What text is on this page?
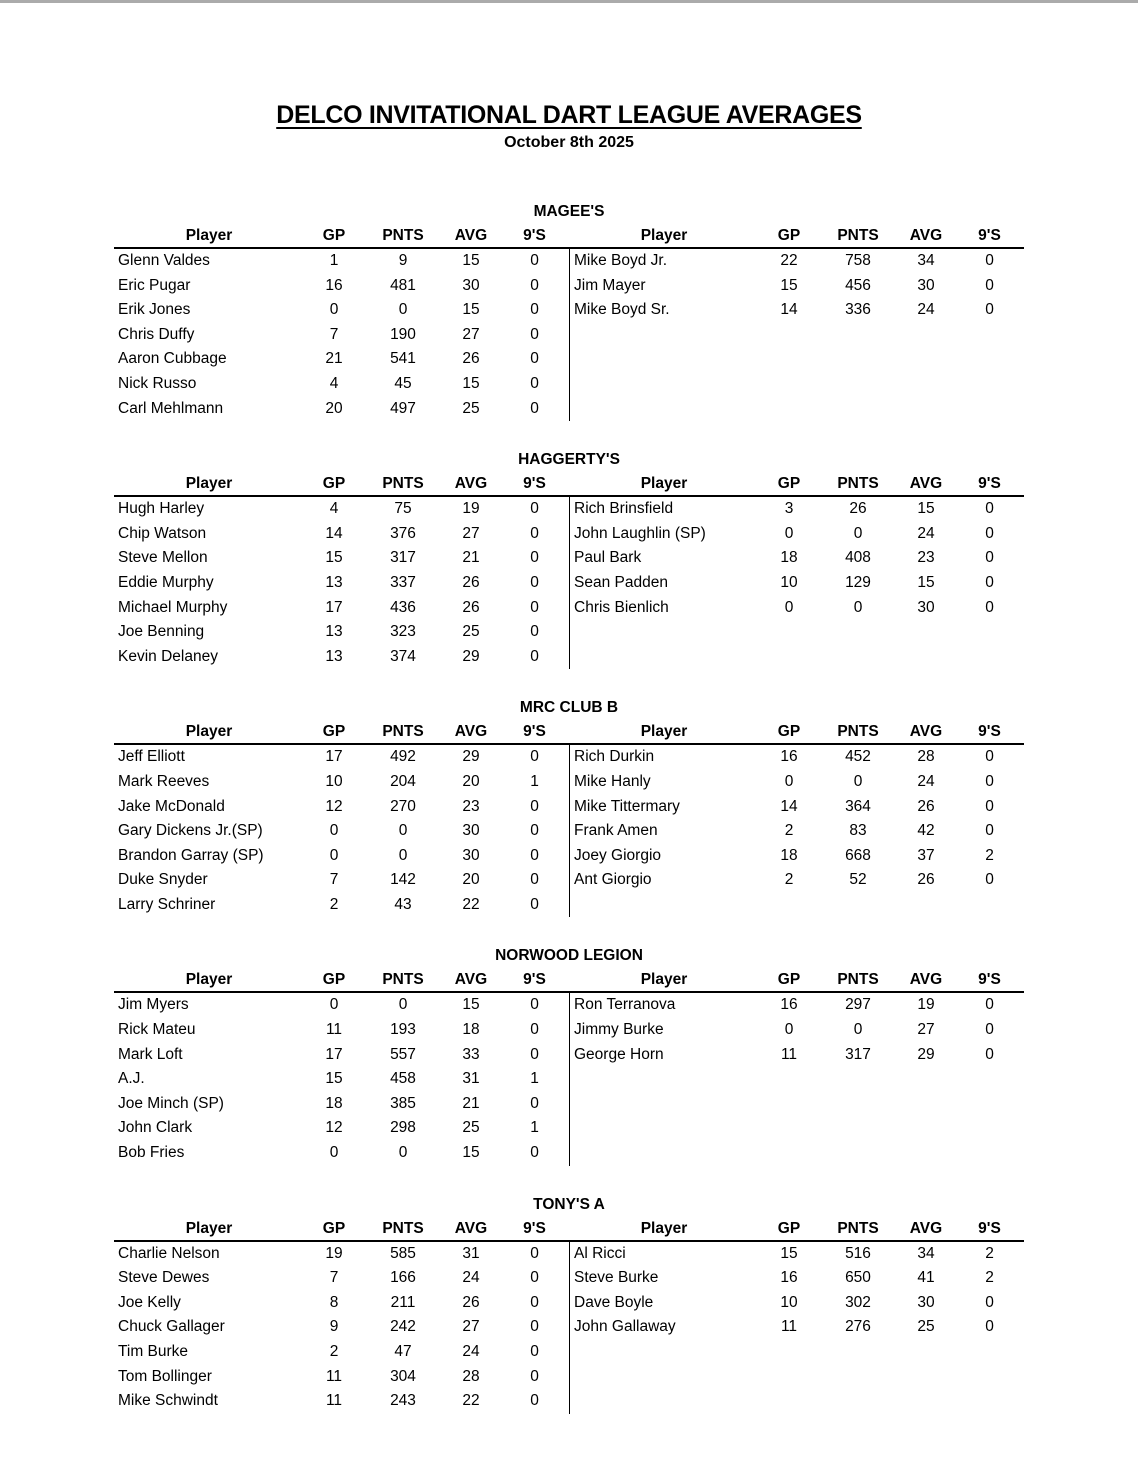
DELCO INVITATIONAL DART LEAGUE AVERAGES
October 8th 2025
MAGEE'S
Player	GP	PNTS	AVG	9'S	Player	GP	PNTS	AVG	9'S
Glenn Valdes	1	9	15	0	Mike Boyd Jr.	22	758	34	0
Eric Pugar	16	481	30	0	Jim Mayer	15	456	30	0
Erik Jones	0	0	15	0	Mike Boyd Sr.	14	336	24	0
Chris Duffy	7	190	27	0
Aaron Cubbage	21	541	26	0
Nick Russo	4	45	15	0
Carl Mehlmann	20	497	25	0
HAGGERTY'S
Player	GP	PNTS	AVG	9'S	Player	GP	PNTS	AVG	9'S
Hugh Harley	4	75	19	0	Rich Brinsfield	3	26	15	0
Chip Watson	14	376	27	0	John Laughlin (SP)	0	0	24	0
Steve Mellon	15	317	21	0	Paul Bark	18	408	23	0
Eddie Murphy	13	337	26	0	Sean Padden	10	129	15	0
Michael Murphy	17	436	26	0	Chris Bienlich	0	0	30	0
Joe Benning	13	323	25	0
Kevin Delaney	13	374	29	0
MRC CLUB B
Player	GP	PNTS	AVG	9'S	Player	GP	PNTS	AVG	9'S
Jeff Elliott	17	492	29	0	Rich Durkin	16	452	28	0
Mark Reeves	10	204	20	1	Mike Hanly	0	0	24	0
Jake McDonald	12	270	23	0	Mike Tittermary	14	364	26	0
Gary Dickens Jr.(SP)	0	0	30	0	Frank Amen	2	83	42	0
Brandon Garray (SP)	0	0	30	0	Joey Giorgio	18	668	37	2
Duke Snyder	7	142	20	0	Ant Giorgio	2	52	26	0
Larry Schriner	2	43	22	0
NORWOOD LEGION
Player	GP	PNTS	AVG	9'S	Player	GP	PNTS	AVG	9'S
Jim Myers	0	0	15	0	Ron Terranova	16	297	19	0
Rick Mateu	11	193	18	0	Jimmy Burke	0	0	27	0
Mark Loft	17	557	33	0	George Horn	11	317	29	0
A.J.	15	458	31	1
Joe Minch (SP)	18	385	21	0
John Clark	12	298	25	1
Bob Fries	0	0	15	0
TONY'S A
Player	GP	PNTS	AVG	9'S	Player	GP	PNTS	AVG	9'S
Charlie Nelson	19	585	31	0	Al Ricci	15	516	34	2
Steve Dewes	7	166	24	0	Steve Burke	16	650	41	2
Joe Kelly	8	211	26	0	Dave Boyle	10	302	30	0
Chuck Gallager	9	242	27	0	John Gallaway	11	276	25	0
Tim Burke	2	47	24	0
Tom Bollinger	11	304	28	0
Mike Schwindt	11	243	22	0
